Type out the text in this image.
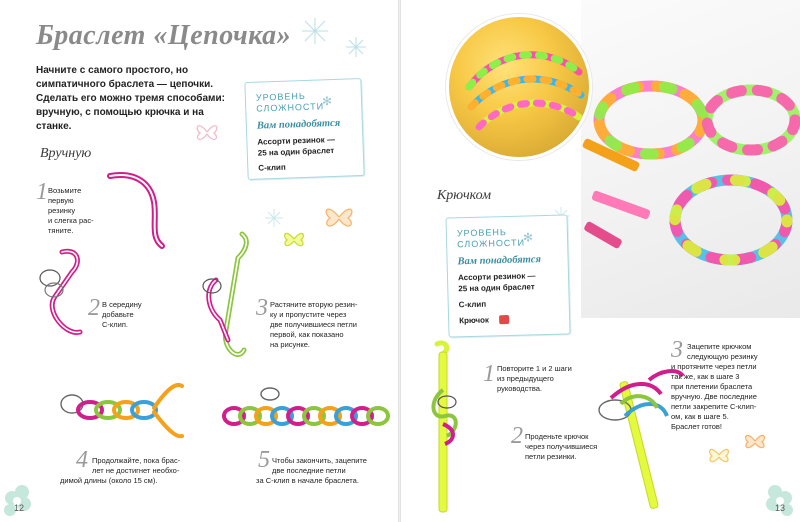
Браслет «Цепочка»
Начните с самого простого, но симпатичного браслета — цепочки. Сделать его можно тремя способами: вручную, с помощью крючка и на станке.
УРОВЕНЬ
СЛОЖНОСТИ
✻
Вам понадобятся
Ассорти резинок —
25 на один браслет
С-клип
Вручную
1 Возьмите
первую
резинку
и слегка рас-
тяните.
2 В середину
добавьте
С-клип.
3 Растяните вторую резин-
ку и пропустите через
две получившиеся петли
первой, как показано
на рисунке.
4 Продолжайте, пока брас-
лет не достигнет необхо-
димой длины (около 15 см).
5 Чтобы закончить, зацепите
две последние петли
за С-клип в начале браслета.
12
Крючком
УРОВЕНЬ
СЛОЖНОСТИ
✻
Вам понадобятся
Ассорти резинок —
25 на один браслет
С-клип
Крючок
1 Повторите 1 и 2 шаги
из предыдущего
руководства.
2 Проденьте крючок
через получившиеся
петли резинки.
3 Зацепите крючком
следующую резинку
и протяните через петли
так же, как в шаге 3
при плетении браслета
вручную. Две последние
петли закрепите С-клип-
ом, как в шаге 5.
Браслет готов!
13
